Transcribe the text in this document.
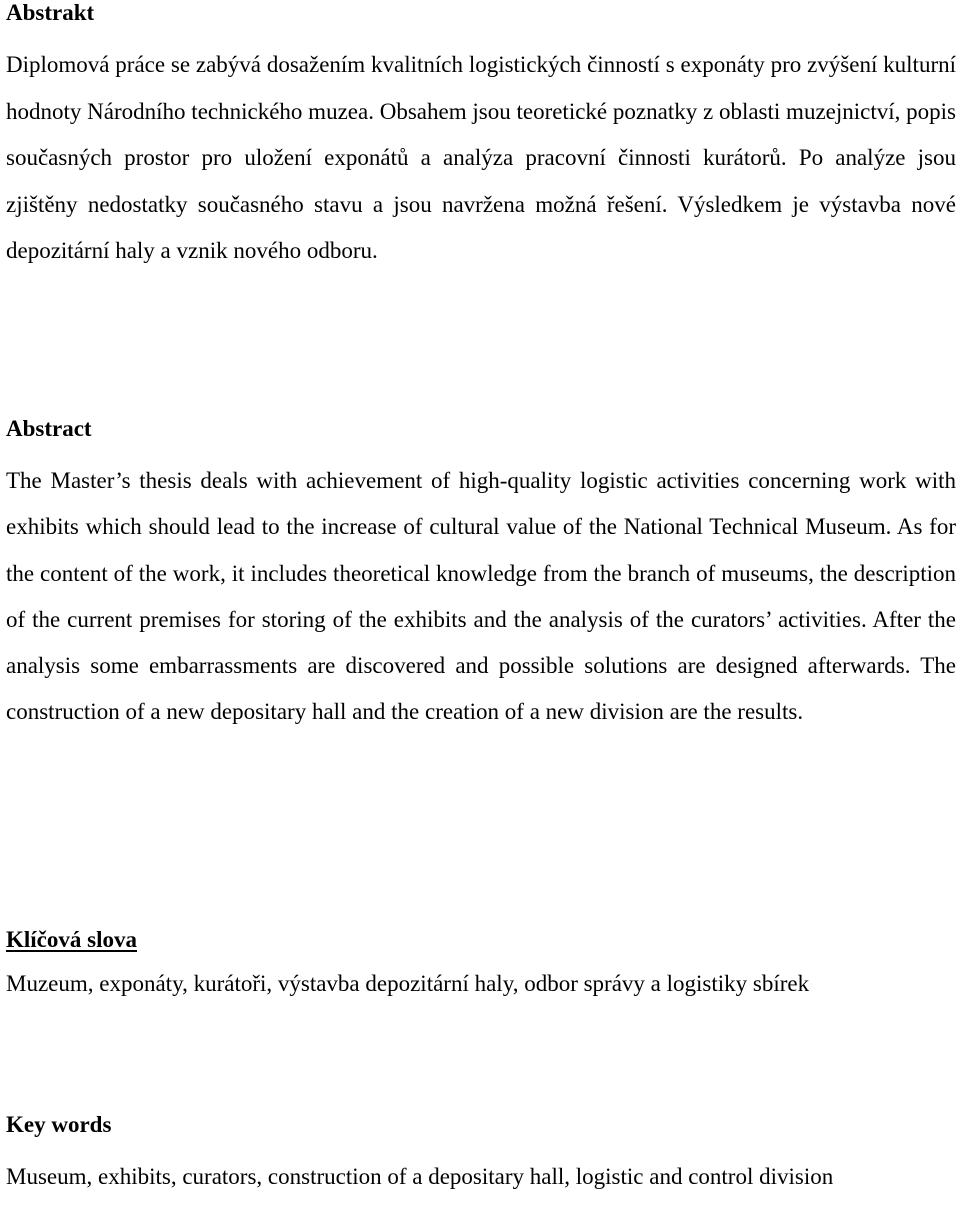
Abstrakt

Diplomová práce se zabývá dosažením kvalitních logistických činností s exponáty pro zvýšení kulturní hodnoty Národního technického muzea. Obsahem jsou teoretické poznatky z oblasti muzejnictví, popis současných prostor pro uložení exponátů a analýza pracovní činnosti kurátorů. Po analýze jsou zjištěny nedostatky současného stavu a jsou navržena možná řešení. Výsledkem je výstavba nové depozitární haly a vznik nového odboru.

Abstract

The Master’s thesis deals with achievement of high-quality logistic activities concerning work with exhibits which should lead to the increase of cultural value of the National Technical Museum. As for the content of the work, it includes theoretical knowledge from the branch of museums, the description of the current premises for storing of the exhibits and the analysis of the curators’ activities. After the analysis some embarrassments are discovered and possible solutions are designed afterwards. The construction of a new depositary hall and the creation of a new division are the results.

Klíčová slova

Muzeum, exponáty, kurátoři, výstavba depozitární haly, odbor správy a logistiky sbírek

Key words

Museum, exhibits, curators, construction of a depositary hall, logistic and control division
